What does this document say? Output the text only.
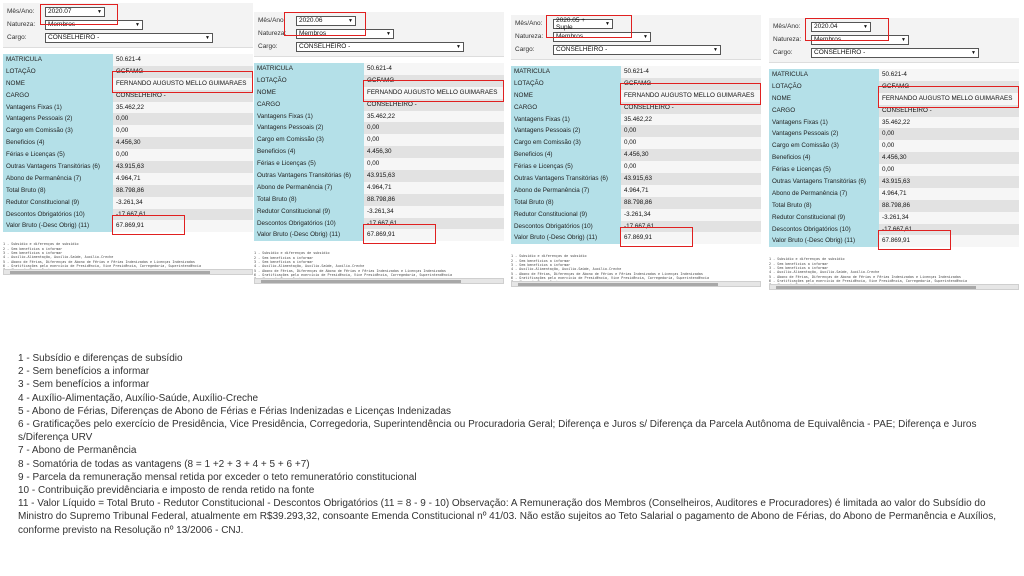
Mês/Ano:	2020.07	▼
Natureza:	Membros	▼
Cargo:	CONSELHEIRO -	▼
MATRICULA	50.621-4
LOTAÇÃO	GCFAMG
NOME	FERNANDO AUGUSTO MELLO GUIMARAES
CARGO	CONSELHEIRO -
Vantagens Fixas (1)	35.462,22
Vantagens Pessoais (2)	0,00
Cargo em Comissão (3)	0,00
Beneficios (4)	4.456,30
Férias e Licenças (5)	0,00
Outras Vantagens Transitórias (6)	43.915,63
Abono de Permanência (7)	4.964,71
Total Bruto (8)	88.798,86
Redutor Constitucional (9)	-3.261,34
Descontos Obrigatórios (10)	-17.667,61
Valor Bruto (-Desc Obrig) (11)	67.869,91
1 - Subsídio e diferenças de subsídio
2 - Sem benefícios a informar
3 - Sem benefícios a informar
4 - Auxílio-Alimentação, Auxílio-Saúde, Auxílio-Creche
5 - Abono de Férias, Diferenças de Abono de Férias e Férias Indenizadas e Licenças Indenizadas
6 - Gratificações pelo exercício de Presidência, Vice Presidência, Corregedoria, Superintendência
Mês/Ano:	2020.06	▼
Natureza:	Membros	▼
Cargo:	CONSELHEIRO -	▼
MATRICULA	50.621-4
LOTAÇÃO	GCFAMG
NOME	FERNANDO AUGUSTO MELLO GUIMARAES
CARGO	CONSELHEIRO -
Vantagens Fixas (1)	35.462,22
Vantagens Pessoais (2)	0,00
Cargo em Comissão (3)	0,00
Beneficios (4)	4.456,30
Férias e Licenças (5)	0,00
Outras Vantagens Transitórias (6)	43.915,63
Abono de Permanência (7)	4.964,71
Total Bruto (8)	88.798,86
Redutor Constitucional (9)	-3.261,34
Descontos Obrigatórios (10)	-17.667,61
Valor Bruto (-Desc Obrig) (11)	67.869,91
1 - Subsídio e diferenças de subsídio
2 - Sem benefícios a informar
3 - Sem benefícios a informar
4 - Auxílio-Alimentação, Auxílio-Saúde, Auxílio-Creche
5 - Abono de Férias, Diferenças de Abono de Férias e Férias Indenizadas e Licenças Indenizadas
6 - Gratificações pelo exercício de Presidência, Vice Presidência, Corregedoria, Superintendência
Mês/Ano:	2020.05 + Suple	▼
Natureza:	Membros	▼
Cargo:	CONSELHEIRO -	▼
MATRICULA	50.621-4
LOTAÇÃO	GCFAMG
NOME	FERNANDO AUGUSTO MELLO GUIMARAES
CARGO	CONSELHEIRO -
Vantagens Fixas (1)	35.462,22
Vantagens Pessoais (2)	0,00
Cargo em Comissão (3)	0,00
Beneficios (4)	4.456,30
Férias e Licenças (5)	0,00
Outras Vantagens Transitórias (6)	43.915,63
Abono de Permanência (7)	4.964,71
Total Bruto (8)	88.798,86
Redutor Constitucional (9)	-3.261,34
Descontos Obrigatórios (10)	-17.667,61
Valor Bruto (-Desc Obrig) (11)	67.869,91
1 - Subsídio e diferenças de subsídio
2 - Sem benefícios a informar
3 - Sem benefícios a informar
4 - Auxílio-Alimentação, Auxílio-Saúde, Auxílio-Creche
5 - Abono de Férias, Diferenças de Abono de Férias e Férias Indenizadas e Licenças Indenizadas
6 - Gratificações pelo exercício de Presidência, Vice Presidência, Corregedoria, Superintendência
Mês/Ano:	2020.04	▼
Natureza:	Membros	▼
Cargo:	CONSELHEIRO -	▼
MATRICULA	50.621-4
LOTAÇÃO	GCFAMG
NOME	FERNANDO AUGUSTO MELLO GUIMARAES
CARGO	CONSELHEIRO -
Vantagens Fixas (1)	35.462,22
Vantagens Pessoais (2)	0,00
Cargo em Comissão (3)	0,00
Beneficios (4)	4.456,30
Férias e Licenças (5)	0,00
Outras Vantagens Transitórias (6)	43.915,63
Abono de Permanência (7)	4.964,71
Total Bruto (8)	88.798,86
Redutor Constitucional (9)	-3.261,34
Descontos Obrigatórios (10)	-17.667,61
Valor Bruto (-Desc Obrig) (11)	67.869,91
1 - Subsídio e diferenças de subsídio
2 - Sem benefícios a informar
3 - Sem benefícios a informar
4 - Auxílio-Alimentação, Auxílio-Saúde, Auxílio-Creche
5 - Abono de Férias, Diferenças de Abono de Férias e Férias Indenizadas e Licenças Indenizadas
6 - Gratificações pelo exercício de Presidência, Vice Presidência, Corregedoria, Superintendência
1 - Subsídio e diferenças de subsídio
2 - Sem benefícios a informar
3 - Sem benefícios a informar
4 - Auxílio-Alimentação, Auxílio-Saúde, Auxílio-Creche
5 - Abono de Férias, Diferenças de Abono de Férias e Férias Indenizadas e Licenças Indenizadas
6 - Gratificações pelo exercício de Presidência, Vice Presidência, Corregedoria, Superintendência ou Procuradoria Geral; Diferença e Juros s/ Diferença da Parcela Autônoma de Equivalência - PAE; Diferença e Juros s/Diferença URV
7 - Abono de Permanência
8 - Somatória de todas as vantagens (8 = 1 +2 + 3 + 4 + 5 + 6 +7)
9 - Parcela da remuneração mensal retida por exceder o teto remuneratório constitucional
10 - Contribuição previdênciaria e imposto de renda retido na fonte
11 - Valor Líquido = Total Bruto - Redutor Constitucional - Descontos Obrigatórios (11 = 8 - 9 - 10) Observação: A Remuneração dos Membros (Conselheiros, Auditores e Procuradores) é limitada ao valor do Subsídio do Ministro do Supremo Tribunal Federal, atualmente em R$39.293,32, consoante Emenda Constitucional nº 41/03. Não estão sujeitos ao Teto Salarial o pagamento de Abono de Férias, do Abono de Permanência e Auxílios, conforme previsto na Resolução nº 13/2006 - CNJ.
